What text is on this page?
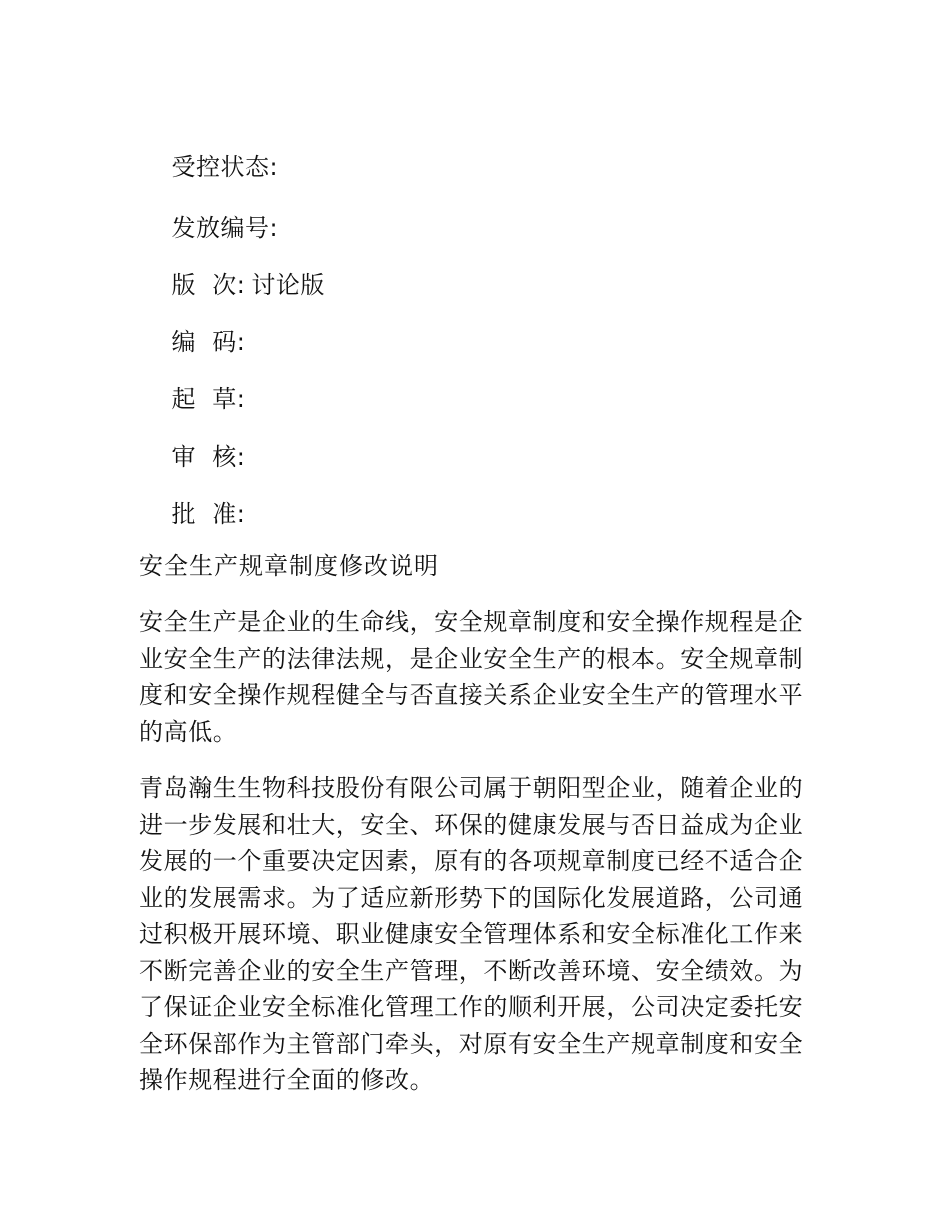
受控状态:

发放编号:

版  次: 讨论版

编  码:

起  草:

审  核:

批  准:

安全生产规章制度修改说明
安全生产是企业的生命线，安全规章制度和安全操作规程是企
业安全生产的法律法规，是企业安全生产的根本。安全规章制
度和安全操作规程健全与否直接关系企业安全生产的管理水平
的高低。
青岛瀚生生物科技股份有限公司属于朝阳型企业，随着企业的
进一步发展和壮大，安全、环保的健康发展与否日益成为企业
发展的一个重要决定因素，原有的各项规章制度已经不适合企
业的发展需求。为了适应新形势下的国际化发展道路，公司通
过积极开展环境、职业健康安全管理体系和安全标准化工作来
不断完善企业的安全生产管理，不断改善环境、安全绩效。为
了保证企业安全标准化管理工作的顺利开展，公司决定委托安
全环保部作为主管部门牵头，对原有安全生产规章制度和安全
操作规程进行全面的修改。
